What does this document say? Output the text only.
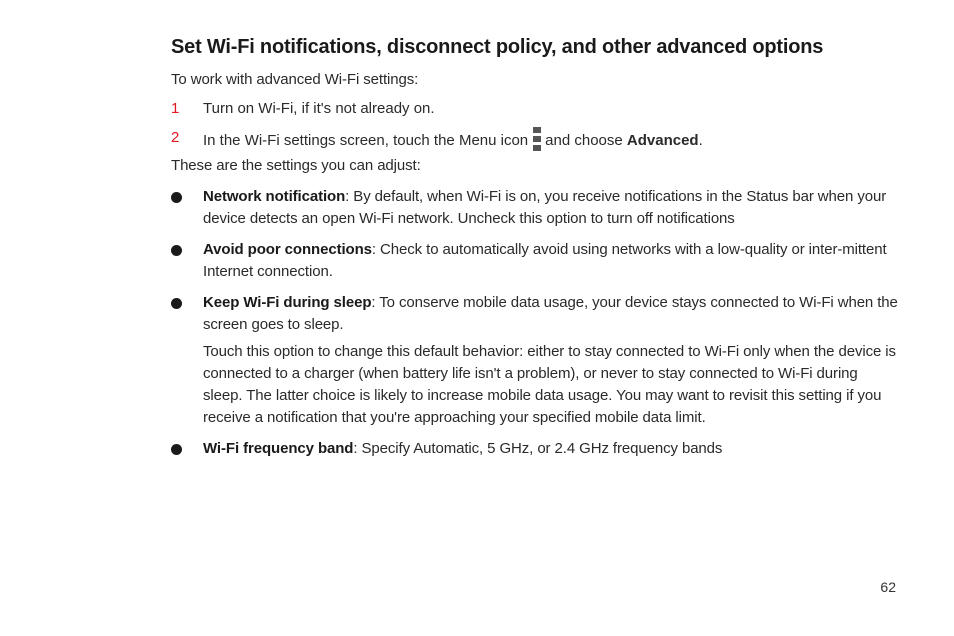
Set Wi-Fi notifications, disconnect policy, and other advanced options
To work with advanced Wi-Fi settings:
1 Turn on Wi-Fi, if it's not already on.
2 In the Wi-Fi settings screen, touch the Menu icon and choose Advanced.
These are the settings you can adjust:
Network notification: By default, when Wi-Fi is on, you receive notifications in the Status bar when your device detects an open Wi-Fi network. Uncheck this option to turn off notifications
Avoid poor connections: Check to automatically avoid using networks with a low-quality or inter-mittent Internet connection.
Keep Wi-Fi during sleep: To conserve mobile data usage, your device stays connected to Wi-Fi when the screen goes to sleep.
Touch this option to change this default behavior: either to stay connected to Wi-Fi only when the device is connected to a charger (when battery life isn't a problem), or never to stay connected to Wi-Fi during sleep. The latter choice is likely to increase mobile data usage. You may want to revisit this setting if you receive a notification that you're approaching your specified mobile data limit.
Wi-Fi frequency band: Specify Automatic, 5 GHz, or 2.4 GHz frequency bands
62
